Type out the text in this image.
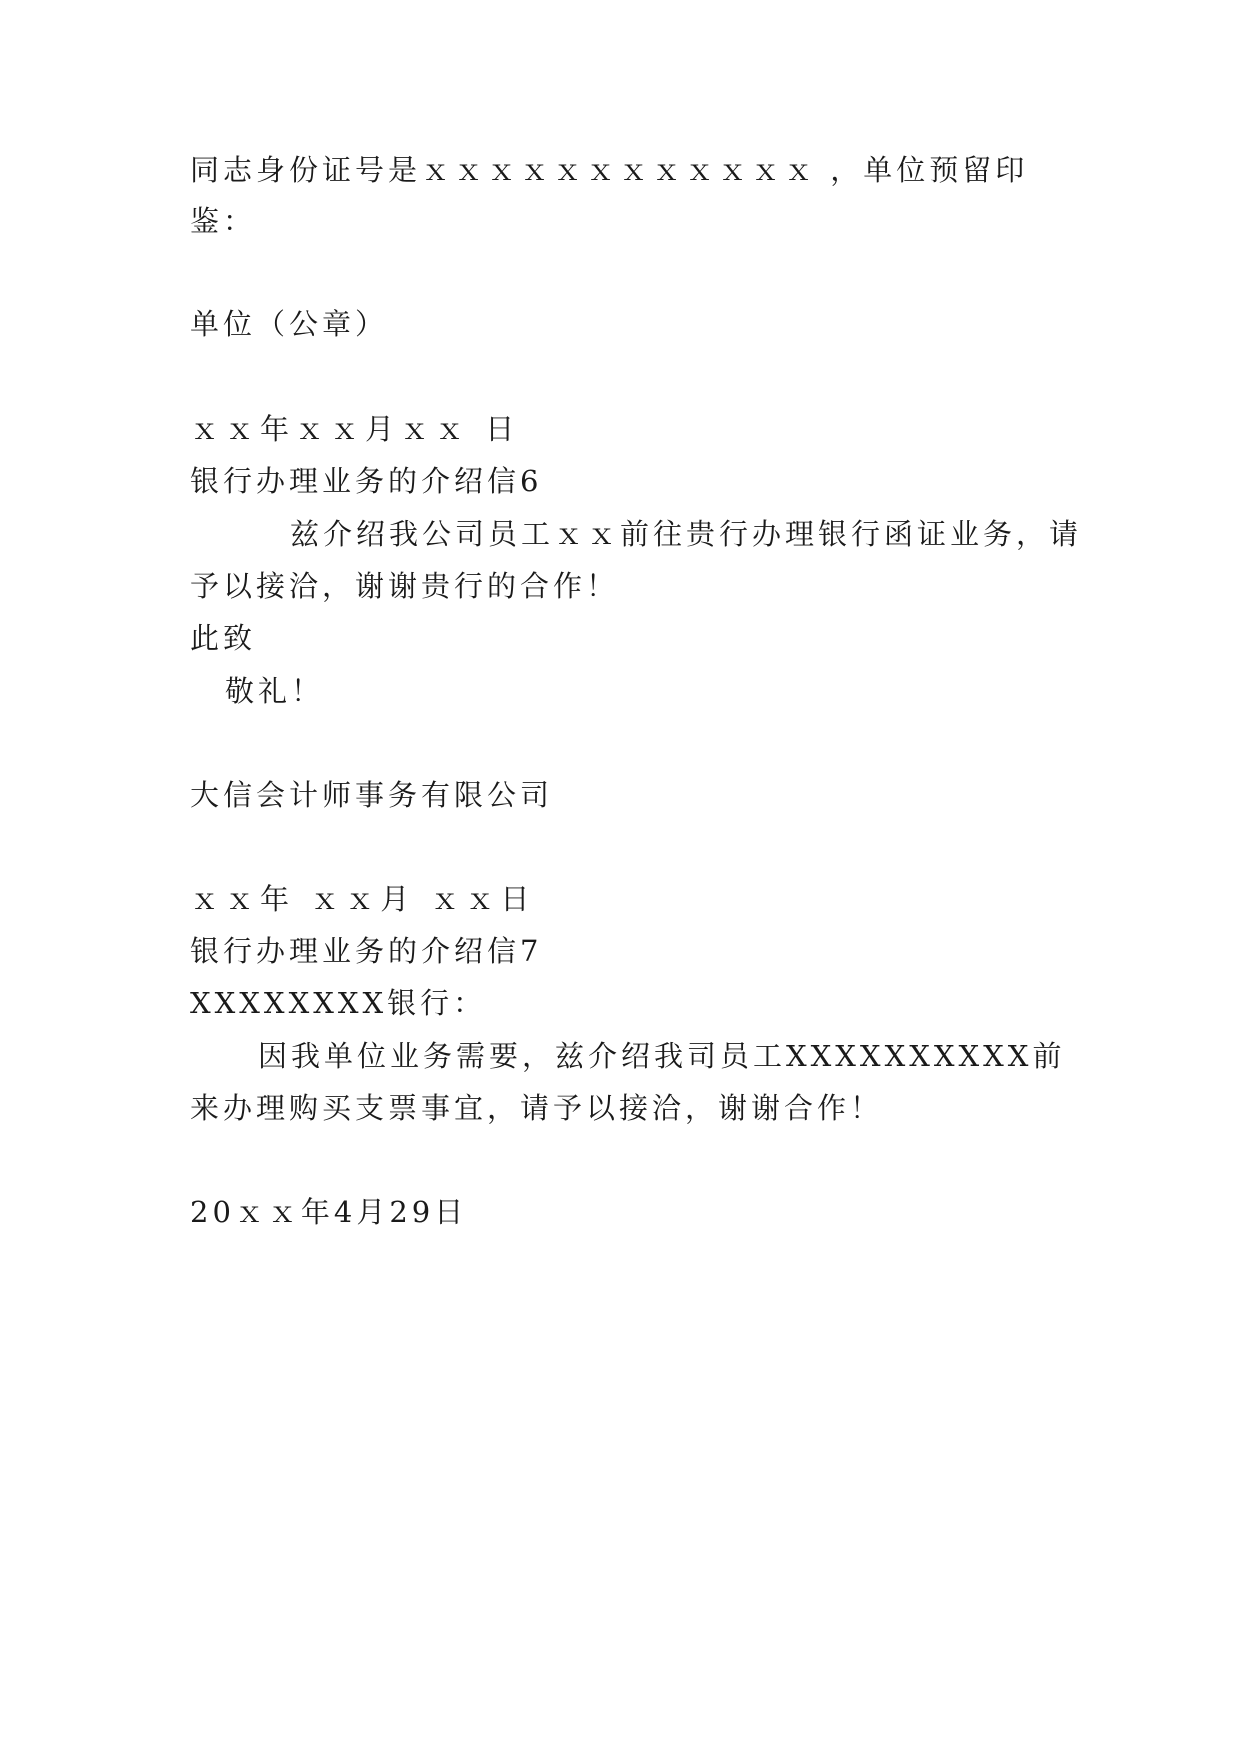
同志身份证号是ｘｘｘｘｘｘｘｘｘｘｘｘ ，单位预留印

鉴：

单位（公章）

ｘｘ年ｘｘ月ｘｘ 日

银行办理业务的介绍信6

兹介绍我公司员工ｘｘ前往贵行办理银行函证业务，请

予以接洽，谢谢贵行的合作！

此致

敬礼！

大信会计师事务有限公司

ｘｘ年 ｘｘ月 ｘｘ日

银行办理业务的介绍信7

XXXXXXXX银行：

因我单位业务需要，兹介绍我司员工XXXXXXXXXX前

来办理购买支票事宜，请予以接洽，谢谢合作！

20ｘｘ年4月29日
